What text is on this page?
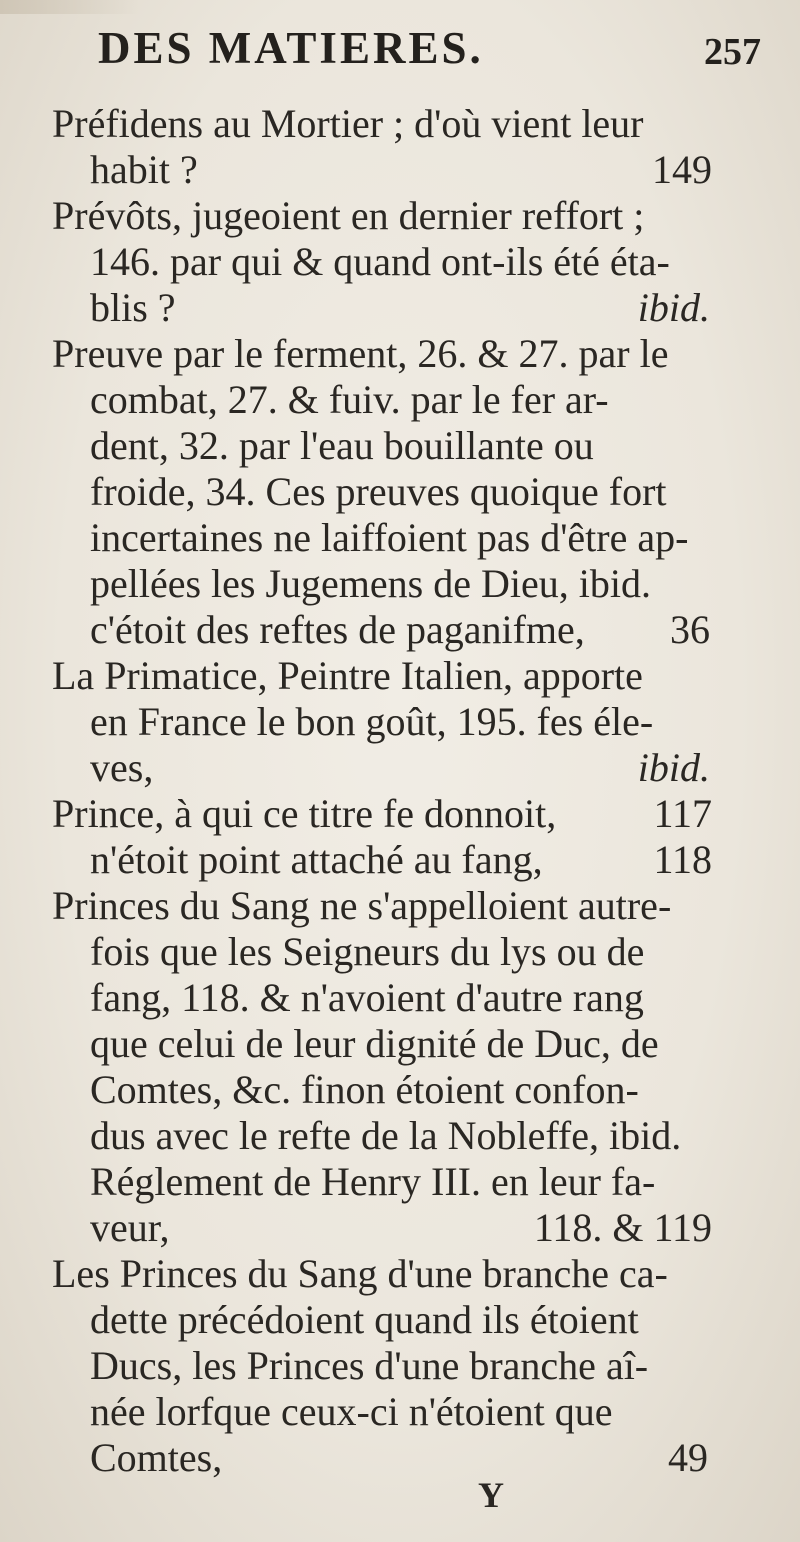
DES MATIERES.	257
Préfidens au Mortier ; d'où vient leur
habit ?	149
Prévôts, jugeoient en dernier reffort ;
146. par qui & quand ont-ils été éta-
blis ?	ibid.
Preuve par le ferment, 26. & 27. par le
combat, 27. & fuiv. par le fer ar-
dent, 32. par l'eau bouillante ou
froide, 34. Ces preuves quoique fort
incertaines ne laiffoient pas d'être ap-
pellées les Jugemens de Dieu, ibid.
c'étoit des reftes de paganifme, 36
La Primatice, Peintre Italien, apporte
en France le bon goût, 195. fes éle-
ves,	ibid.
Prince, à qui ce titre fe donnoit, 117
n'étoit point attaché au fang,	118
Princes du Sang ne s'appelloient autre-
fois que les Seigneurs du lys ou de
fang, 118. & n'avoient d'autre rang
que celui de leur dignité de Duc, de
Comtes, &c. finon étoient confon-
dus avec le refte de la Nobleffe, ibid.
Réglement de Henry III. en leur fa-
veur,	118. & 119
Les Princes du Sang d'une branche ca-
dette précédoient quand ils étoient
Ducs, les Princes d'une branche aî-
née lorfque ceux-ci n'étoient que
Comtes,	49
Y
